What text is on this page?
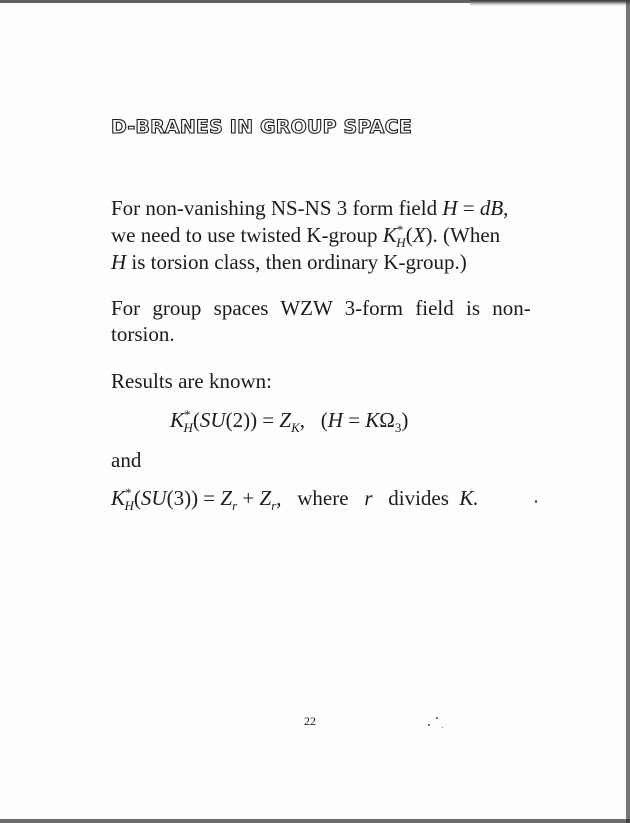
D-BRANES IN GROUP SPACE
For non-vanishing NS-NS 3 form field H = dB,
we need to use twisted K-group $K^*_H(X)$. (When
H is torsion class, then ordinary K-group.)
For group spaces WZW 3-form field is non-
torsion.
Results are known:
$K^*_H(SU(2)) = Z_K$,   $(H = K\Omega_3)$
and
$K^*_H(SU(3)) = Z_r + Z_r$,   where r divides K.
22
